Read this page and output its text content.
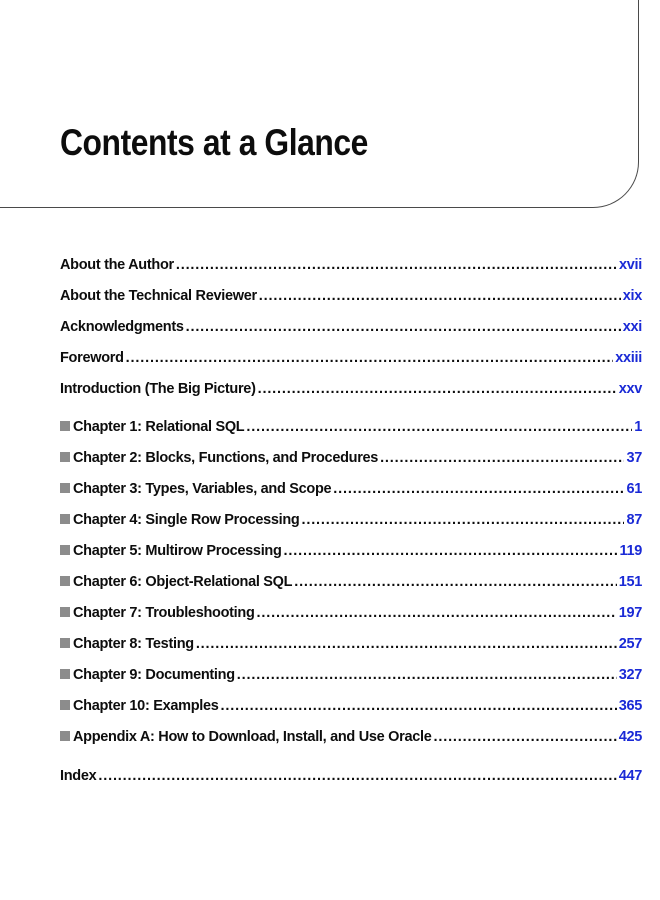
Contents at a Glance
About the Author . . .	xvii
About the Technical Reviewer . . .	xix
Acknowledgments . . .	xxi
Foreword . . .	xxiii
Introduction (The Big Picture) . . .	xxv
Chapter 1: Relational SQL . . .	1
Chapter 2: Blocks, Functions, and Procedures . . .	37
Chapter 3: Types, Variables, and Scope . . .	61
Chapter 4: Single Row Processing . . .	87
Chapter 5: Multirow Processing . . .	119
Chapter 6: Object-Relational SQL . . .	151
Chapter 7: Troubleshooting . . .	197
Chapter 8: Testing . . .	257
Chapter 9: Documenting . . .	327
Chapter 10: Examples . . .	365
Appendix A: How to Download, Install, and Use Oracle . . .	425
Index . . .	447
